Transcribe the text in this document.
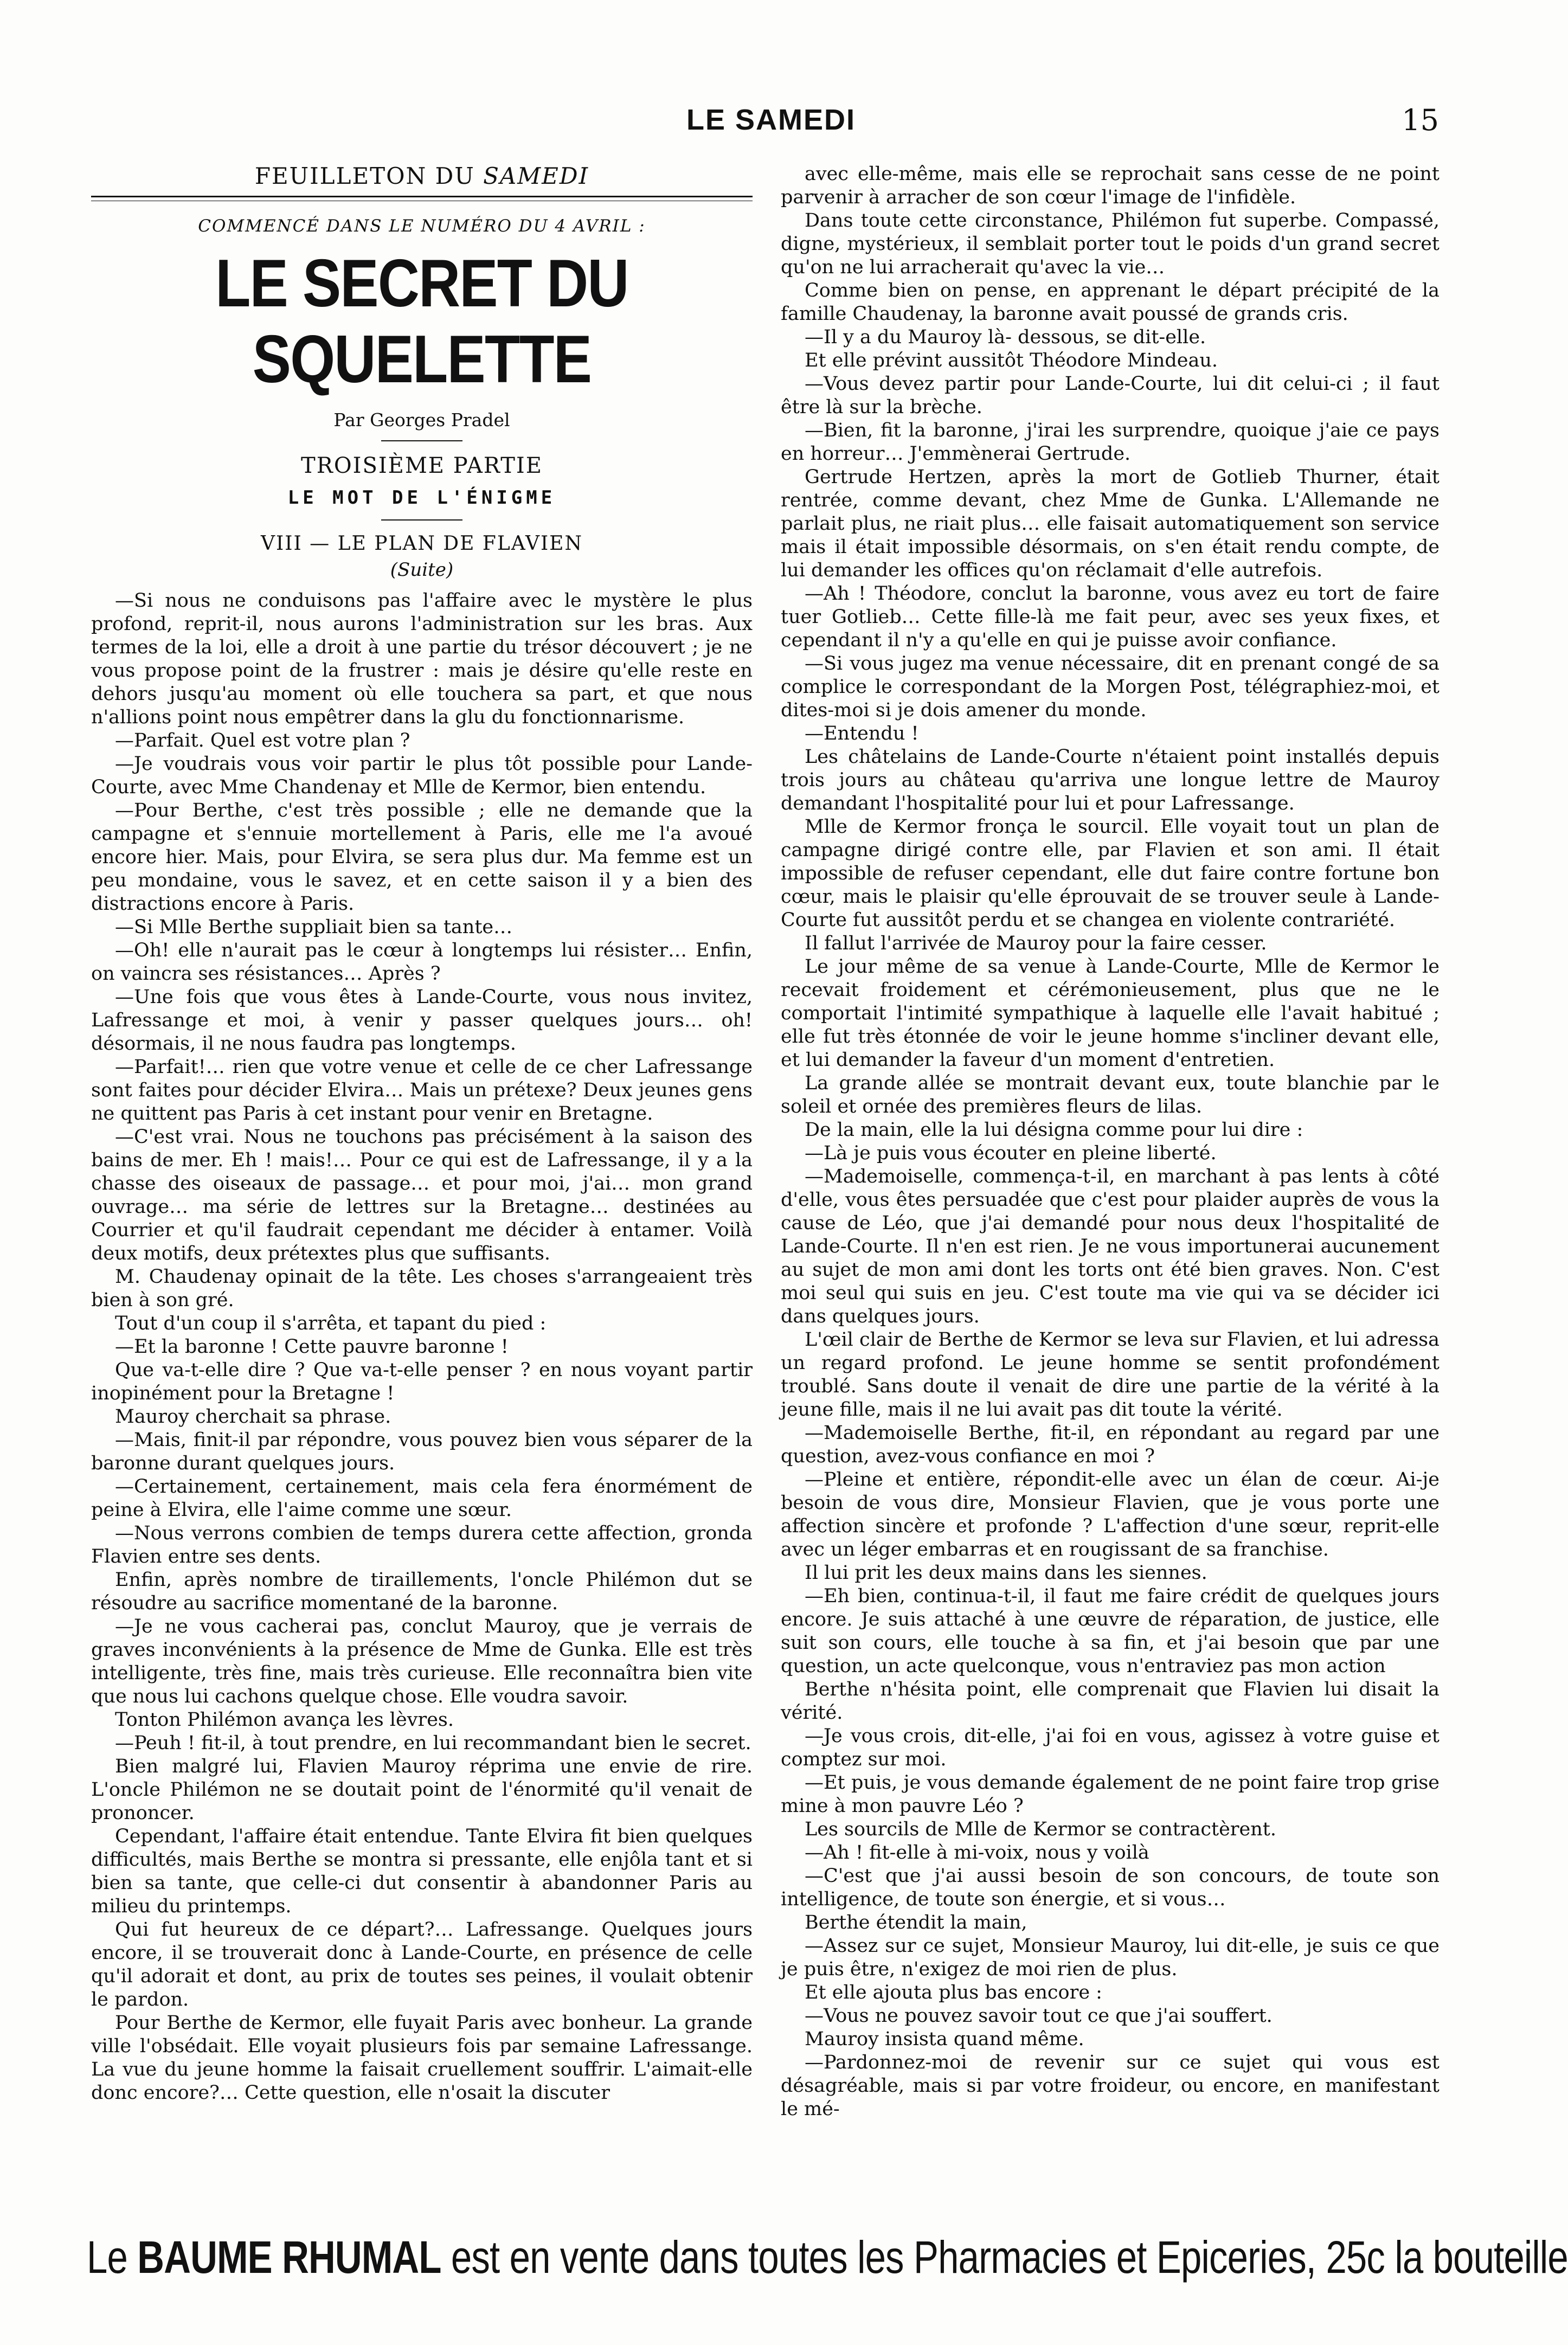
LE SAMEDI	15
FEUILLETON DU SAMEDI
COMMENCÉ DANS LE NUMÉRO DU 4 AVRIL :
LE SECRET DU SQUELETTE
Par Georges Pradel
TROISIÈME PARTIE
LE MOT DE L'ÉNIGME
VIII — LE PLAN DE FLAVIEN
(Suite)

—Si nous ne conduisons pas l'affaire avec le mystère le plus profond, reprit-il, nous aurons l'administration sur les bras. Aux termes de la loi, elle a droit à une partie du trésor découvert ; je ne vous propose point de la frustrer : mais je désire qu'elle reste en dehors jusqu'au moment où elle touchera sa part, et que nous n'allions point nous empêtrer dans la glu du fonctionnarisme.

—Parfait. Quel est votre plan ?

—Je voudrais vous voir partir le plus tôt possible pour Lande-Courte, avec Mme Chandenay et Mlle de Kermor, bien entendu.

—Pour Berthe, c'est très possible ; elle ne demande que la campagne et s'ennuie mortellement à Paris, elle me l'a avoué encore hier. Mais, pour Elvira, se sera plus dur. Ma femme est un peu mondaine, vous le savez, et en cette saison il y a bien des distractions encore à Paris.

—Si Mlle Berthe suppliait bien sa tante…

—Oh! elle n'aurait pas le cœur à longtemps lui résister… Enfin, on vaincra ses résistances… Après ?

—Une fois que vous êtes à Lande-Courte, vous nous invitez, Lafressange et moi, à venir y passer quelques jours… oh! désormais, il ne nous faudra pas longtemps.

—Parfait!… rien que votre venue et celle de ce cher Lafressange sont faites pour décider Elvira… Mais un prétexe? Deux jeunes gens ne quittent pas Paris à cet instant pour venir en Bretagne.

—C'est vrai. Nous ne touchons pas précisément à la saison des bains de mer. Eh ! mais!… Pour ce qui est de Lafressange, il y a la chasse des oiseaux de passage… et pour moi, j'ai… mon grand ouvrage… ma série de lettres sur la Bretagne… destinées au Courrier et qu'il faudrait cependant me décider à entamer. Voilà deux motifs, deux prétextes plus que suffisants.

M. Chaudenay opinait de la tête. Les choses s'arrangeaient très bien à son gré.

Tout d'un coup il s'arrêta, et tapant du pied :

—Et la baronne ! Cette pauvre baronne !

Que va-t-elle dire ? Que va-t-elle penser ? en nous voyant partir inopinément pour la Bretagne !

Mauroy cherchait sa phrase.

—Mais, finit-il par répondre, vous pouvez bien vous séparer de la baronne durant quelques jours.

—Certainement, certainement, mais cela fera énormément de peine à Elvira, elle l'aime comme une sœur.

—Nous verrons combien de temps durera cette affection, gronda Flavien entre ses dents.

Enfin, après nombre de tiraillements, l'oncle Philémon dut se résoudre au sacrifice momentané de la baronne.

—Je ne vous cacherai pas, conclut Mauroy, que je verrais de graves inconvénients à la présence de Mme de Gunka. Elle est très intelligente, très fine, mais très curieuse. Elle reconnaîtra bien vite que nous lui cachons quelque chose. Elle voudra savoir.

Tonton Philémon avança les lèvres.

—Peuh ! fit-il, à tout prendre, en lui recommandant bien le secret.

Bien malgré lui, Flavien Mauroy réprima une envie de rire. L'oncle Philémon ne se doutait point de l'énormité qu'il venait de prononcer.

Cependant, l'affaire était entendue. Tante Elvira fit bien quelques difficultés, mais Berthe se montra si pressante, elle enjôla tant et si bien sa tante, que celle-ci dut consentir à abandonner Paris au milieu du printemps.

Qui fut heureux de ce départ?… Lafressange. Quelques jours encore, il se trouverait donc à Lande-Courte, en présence de celle qu'il adorait et dont, au prix de toutes ses peines, il voulait obtenir le pardon.

Pour Berthe de Kermor, elle fuyait Paris avec bonheur. La grande ville l'obsédait. Elle voyait plusieurs fois par semaine Lafressange. La vue du jeune homme la faisait cruellement souffrir. L'aimait-elle donc encore?… Cette question, elle n'osait la discuter

avec elle-même, mais elle se reprochait sans cesse de ne point parvenir à arracher de son cœur l'image de l'infidèle.

Dans toute cette circonstance, Philémon fut superbe. Compassé, digne, mystérieux, il semblait porter tout le poids d'un grand secret qu'on ne lui arracherait qu'avec la vie…

Comme bien on pense, en apprenant le départ précipité de la famille Chaudenay, la baronne avait poussé de grands cris.

—Il y a du Mauroy là- dessous, se dit-elle.

Et elle prévint aussitôt Théodore Mindeau.

—Vous devez partir pour Lande-Courte, lui dit celui-ci ; il faut être là sur la brèche.

—Bien, fit la baronne, j'irai les surprendre, quoique j'aie ce pays en horreur… J'emmènerai Gertrude.

Gertrude Hertzen, après la mort de Gotlieb Thurner, était rentrée, comme devant, chez Mme de Gunka. L'Allemande ne parlait plus, ne riait plus… elle faisait automatiquement son service mais il était impossible désormais, on s'en était rendu compte, de lui demander les offices qu'on réclamait d'elle autrefois.

—Ah ! Théodore, conclut la baronne, vous avez eu tort de faire tuer Gotlieb… Cette fille-là me fait peur, avec ses yeux fixes, et cependant il n'y a qu'elle en qui je puisse avoir confiance.

—Si vous jugez ma venue nécessaire, dit en prenant congé de sa complice le correspondant de la Morgen Post, télégraphiez-moi, et dites-moi si je dois amener du monde.

—Entendu !

Les châtelains de Lande-Courte n'étaient point installés depuis trois jours au château qu'arriva une longue lettre de Mauroy demandant l'hospitalité pour lui et pour Lafressange.

Mlle de Kermor fronça le sourcil. Elle voyait tout un plan de campagne dirigé contre elle, par Flavien et son ami. Il était impossible de refuser cependant, elle dut faire contre fortune bon cœur, mais le plaisir qu'elle éprouvait de se trouver seule à Lande-Courte fut aussitôt perdu et se changea en violente contrariété.

Il fallut l'arrivée de Mauroy pour la faire cesser.

Le jour même de sa venue à Lande-Courte, Mlle de Kermor le recevait froidement et cérémonieusement, plus que ne le comportait l'intimité sympathique à laquelle elle l'avait habitué ; elle fut très étonnée de voir le jeune homme s'incliner devant elle, et lui demander la faveur d'un moment d'entretien.

La grande allée se montrait devant eux, toute blanchie par le soleil et ornée des premières fleurs de lilas.

De la main, elle la lui désigna comme pour lui dire :

—Là je puis vous écouter en pleine liberté.

—Mademoiselle, commença-t-il, en marchant à pas lents à côté d'elle, vous êtes persuadée que c'est pour plaider auprès de vous la cause de Léo, que j'ai demandé pour nous deux l'hospitalité de Lande-Courte. Il n'en est rien. Je ne vous importunerai aucunement au sujet de mon ami dont les torts ont été bien graves. Non. C'est moi seul qui suis en jeu. C'est toute ma vie qui va se décider ici dans quelques jours.

L'œil clair de Berthe de Kermor se leva sur Flavien, et lui adressa un regard profond. Le jeune homme se sentit profondément troublé. Sans doute il venait de dire une partie de la vérité à la jeune fille, mais il ne lui avait pas dit toute la vérité.

—Mademoiselle Berthe, fit-il, en répondant au regard par une question, avez-vous confiance en moi ?

—Pleine et entière, répondit-elle avec un élan de cœur. Ai-je besoin de vous dire, Monsieur Flavien, que je vous porte une affection sincère et profonde ? L'affection d'une sœur, reprit-elle avec un léger embarras et en rougissant de sa franchise.

Il lui prit les deux mains dans les siennes.

—Eh bien, continua-t-il, il faut me faire crédit de quelques jours encore. Je suis attaché à une œuvre de réparation, de justice, elle suit son cours, elle touche à sa fin, et j'ai besoin que par une question, un acte quelconque, vous n'entraviez pas mon action

Berthe n'hésita point, elle comprenait que Flavien lui disait la vérité.

—Je vous crois, dit-elle, j'ai foi en vous, agissez à votre guise et comptez sur moi.

—Et puis, je vous demande également de ne point faire trop grise mine à mon pauvre Léo ?

Les sourcils de Mlle de Kermor se contractèrent.

—Ah ! fit-elle à mi-voix, nous y voilà

—C'est que j'ai aussi besoin de son concours, de toute son intelligence, de toute son énergie, et si vous…

Berthe étendit la main,

—Assez sur ce sujet, Monsieur Mauroy, lui dit-elle, je suis ce que je puis être, n'exigez de moi rien de plus.

Et elle ajouta plus bas encore :

—Vous ne pouvez savoir tout ce que j'ai souffert.

Mauroy insista quand même.

—Pardonnez-moi de revenir sur ce sujet qui vous est désagréable, mais si par votre froideur, ou encore, en manifestant le mé-

Le BAUME RHUMAL est en vente dans toutes les Pharmacies et Epiceries, 25c la bouteille
